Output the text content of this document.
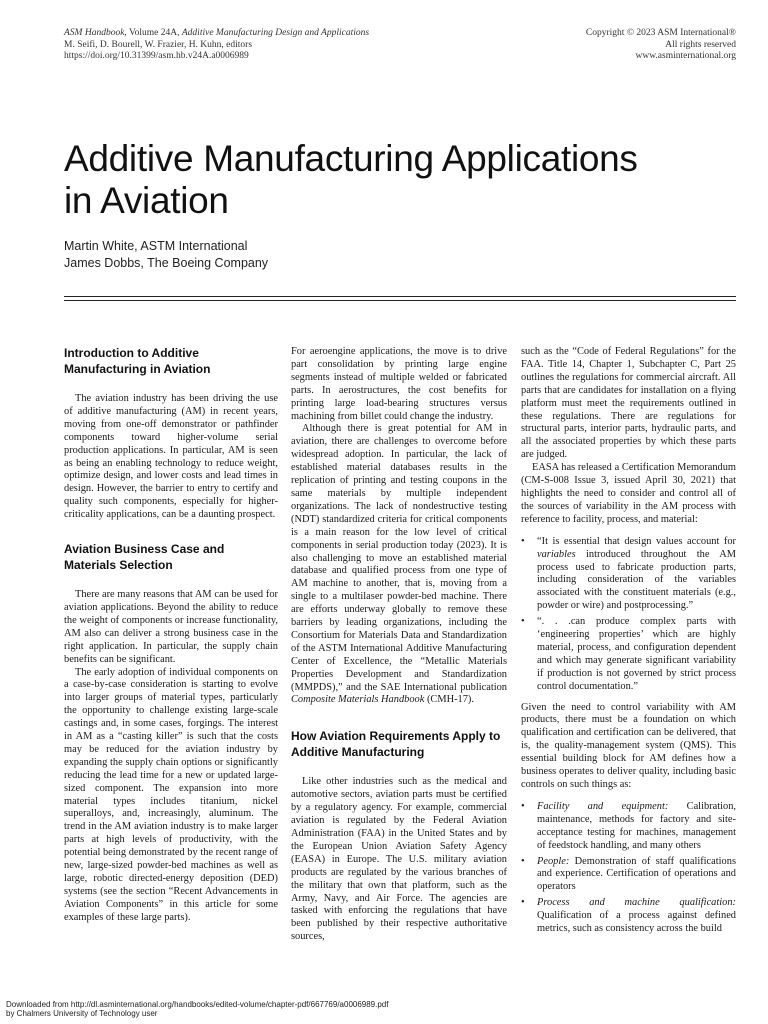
ASM Handbook, Volume 24A, Additive Manufacturing Design and Applications
M. Seifi, D. Bourell, W. Frazier, H. Kuhn, editors
https://doi.org/10.31399/asm.hb.v24A.a0006989
Copyright © 2023 ASM International®
All rights reserved
www.asminternational.org
Additive Manufacturing Applications
in Aviation
Martin White, ASTM International
James Dobbs, The Boeing Company
Introduction to Additive Manufacturing in Aviation

The aviation industry has been driving the use of additive manufacturing (AM) in recent years, moving from one-off demonstrator or pathfinder components toward higher-volume serial production applications. In particular, AM is seen as being an enabling technology to reduce weight, optimize design, and lower costs and lead times in design. However, the barrier to entry to certify and quality such components, especially for higher-criticality applications, can be a daunting prospect.

Aviation Business Case and Materials Selection

There are many reasons that AM can be used for aviation applications. Beyond the ability to reduce the weight of components or increase functionality, AM also can deliver a strong business case in the right application. In particular, the supply chain benefits can be significant.

The early adoption of individual components on a case-by-case consideration is starting to evolve into larger groups of material types, particularly the opportunity to challenge existing large-scale castings and, in some cases, forgings. The interest in AM as a “casting killer” is such that the costs may be reduced for the aviation industry by expanding the supply chain options or significantly reducing the lead time for a new or updated large-sized component. The expansion into more material types includes titanium, nickel superalloys, and, increasingly, aluminum. The trend in the AM aviation industry is to make larger parts at high levels of productivity, with the potential being demonstrated by the recent range of new, large-sized powder-bed machines as well as large, robotic directed-energy deposition (DED) systems (see the section “Recent Advancements in Aviation Components” in this article for some examples of these large parts).

For aeroengine applications, the move is to drive part consolidation by printing large engine segments instead of multiple welded or fabricated parts. In aerostructures, the cost benefits for printing large load-bearing structures versus machining from billet could change the industry.

Although there is great potential for AM in aviation, there are challenges to overcome before widespread adoption. In particular, the lack of established material databases results in the replication of printing and testing coupons in the same materials by multiple independent organizations. The lack of nondestructive testing (NDT) standardized criteria for critical components is a main reason for the low level of critical components in serial production today (2023). It is also challenging to move an established material database and qualified process from one type of AM machine to another, that is, moving from a single to a multilaser powder-bed machine. There are efforts underway globally to remove these barriers by leading organizations, including the Consortium for Materials Data and Standardization of the ASTM International Additive Manufacturing Center of Excellence, the “Metallic Materials Properties Development and Standardization (MMPDS),” and the SAE International publication Composite Materials Handbook (CMH-17).

How Aviation Requirements Apply to Additive Manufacturing

Like other industries such as the medical and automotive sectors, aviation parts must be certified by a regulatory agency. For example, commercial aviation is regulated by the Federal Aviation Administration (FAA) in the United States and by the European Union Aviation Safety Agency (EASA) in Europe. The U.S. military aviation products are regulated by the various branches of the military that own that platform, such as the Army, Navy, and Air Force. The agencies are tasked with enforcing the regulations that have been published by their respective authoritative sources,

such as the “Code of Federal Regulations” for the FAA. Title 14, Chapter 1, Subchapter C, Part 25 outlines the regulations for commercial aircraft. All parts that are candidates for installation on a flying platform must meet the requirements outlined in these regulations. There are regulations for structural parts, interior parts, hydraulic parts, and all the associated properties by which these parts are judged.

EASA has released a Certification Memorandum (CM-S-008 Issue 3, issued April 30, 2021) that highlights the need to consider and control all of the sources of variability in the AM process with reference to facility, process, and material:

• “It is essential that design values account for variables introduced throughout the AM process used to fabricate production parts, including consideration of the variables associated with the constituent materials (e.g., powder or wire) and postprocessing.”
• “. . .can produce complex parts with ‘engineering properties’ which are highly material, process, and configuration dependent and which may generate significant variability if production is not governed by strict process control documentation.”

Given the need to control variability with AM products, there must be a foundation on which qualification and certification can be delivered, that is, the quality-management system (QMS). This essential building block for AM defines how a business operates to deliver quality, including basic controls on such things as:

• Facility and equipment: Calibration, maintenance, methods for factory and site-acceptance testing for machines, management of feedstock handling, and many others
• People: Demonstration of staff qualifications and experience. Certification of operations and operators
• Process and machine qualification: Qualification of a process against defined metrics, such as consistency across the build
Downloaded from http://dl.asminternational.org/handbooks/edited-volume/chapter-pdf/667769/a0006989.pdf
by Chalmers University of Technology user
